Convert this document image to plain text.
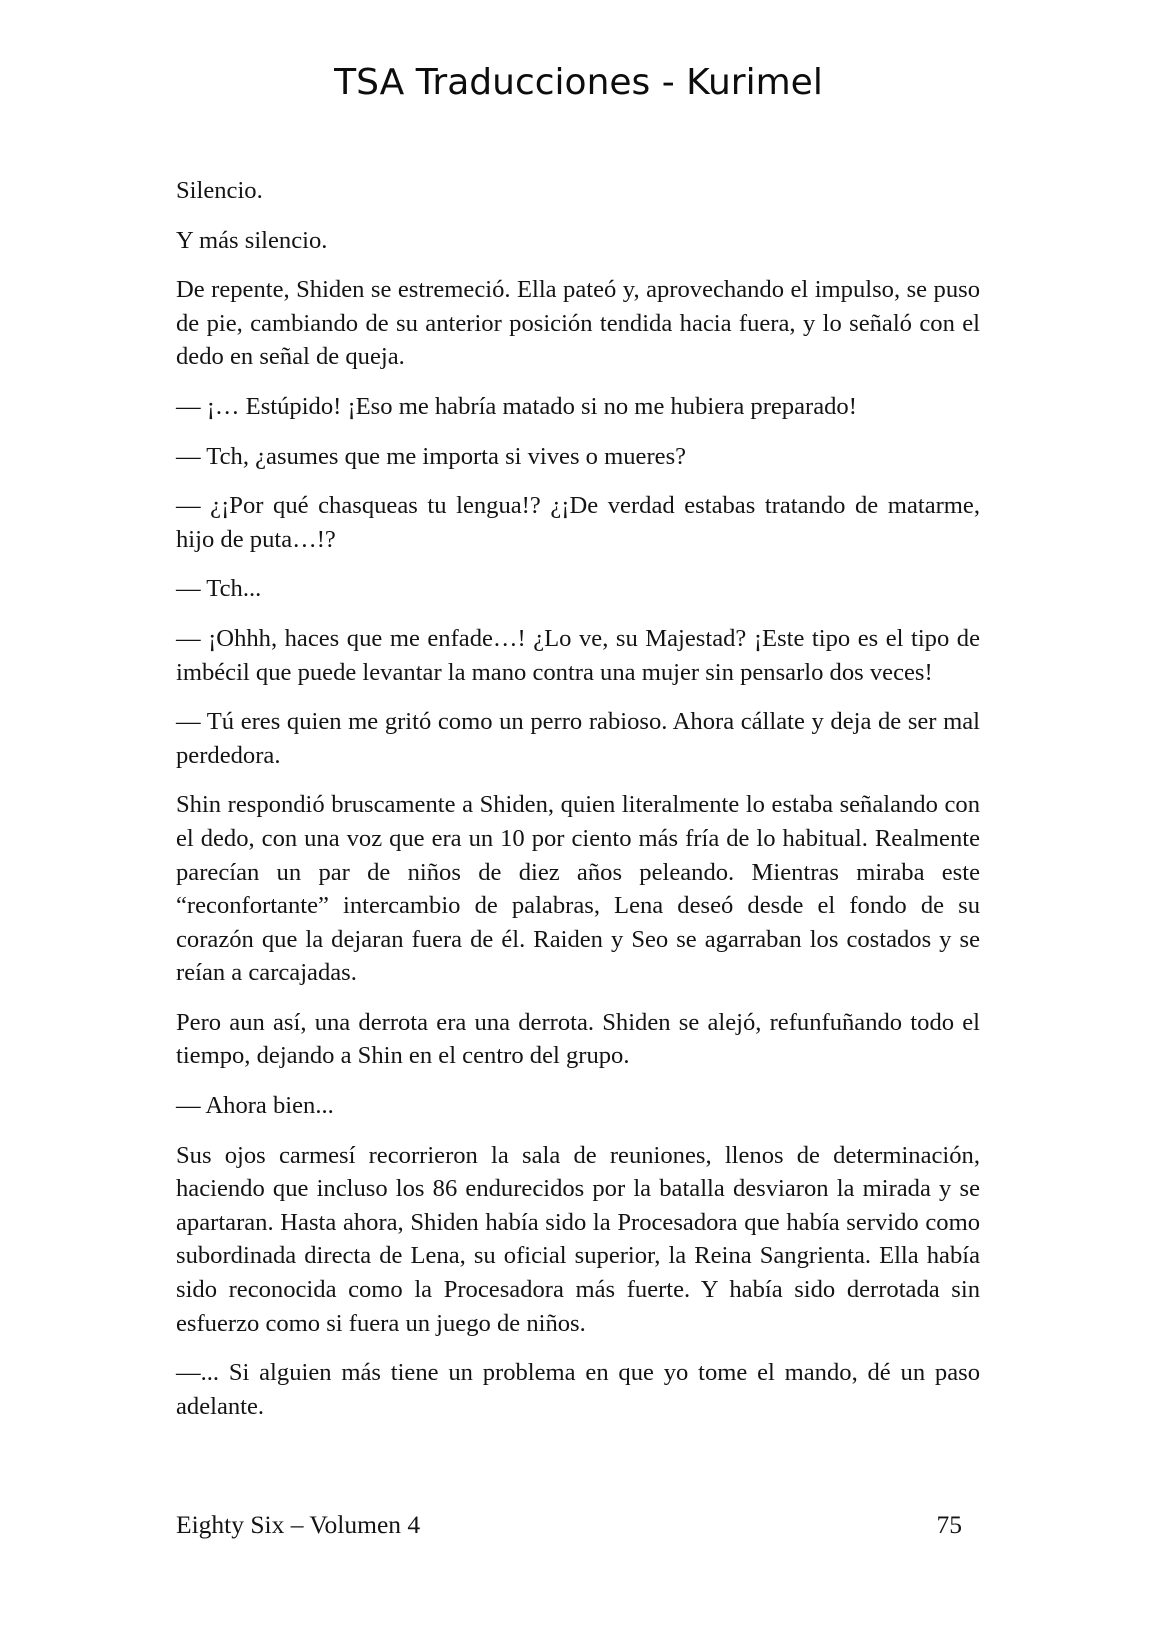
TSA Traducciones - Kurimel

Silencio.

Y más silencio.

De repente, Shiden se estremeció. Ella pateó y, aprovechando el impulso, se puso de pie, cambiando de su anterior posición tendida hacia fuera, y lo señaló con el dedo en señal de queja.

— ¡… Estúpido! ¡Eso me habría matado si no me hubiera preparado!

— Tch, ¿asumes que me importa si vives o mueres?

— ¿¡Por qué chasqueas tu lengua!? ¿¡De verdad estabas tratando de matarme, hijo de puta…!?

— Tch...

— ¡Ohhh, haces que me enfade…! ¿Lo ve, su Majestad? ¡Este tipo es el tipo de imbécil que puede levantar la mano contra una mujer sin pensarlo dos veces!

— Tú eres quien me gritó como un perro rabioso. Ahora cállate y deja de ser mal perdedora.

Shin respondió bruscamente a Shiden, quien literalmente lo estaba señalando con el dedo, con una voz que era un 10 por ciento más fría de lo habitual. Realmente parecían un par de niños de diez años peleando. Mientras miraba este “reconfortante” intercambio de palabras, Lena deseó desde el fondo de su corazón que la dejaran fuera de él. Raiden y Seo se agarraban los costados y se reían a carcajadas.

Pero aun así, una derrota era una derrota. Shiden se alejó, refunfuñando todo el tiempo, dejando a Shin en el centro del grupo.

— Ahora bien...

Sus ojos carmesí recorrieron la sala de reuniones, llenos de determinación, haciendo que incluso los 86 endurecidos por la batalla desviaron la mirada y se apartaran. Hasta ahora, Shiden había sido la Procesadora que había servido como subordinada directa de Lena, su oficial superior, la Reina Sangrienta. Ella había sido reconocida como la Procesadora más fuerte. Y había sido derrotada sin esfuerzo como si fuera un juego de niños.

—... Si alguien más tiene un problema en que yo tome el mando, dé un paso adelante.

Eighty Six – Volumen 4	75
